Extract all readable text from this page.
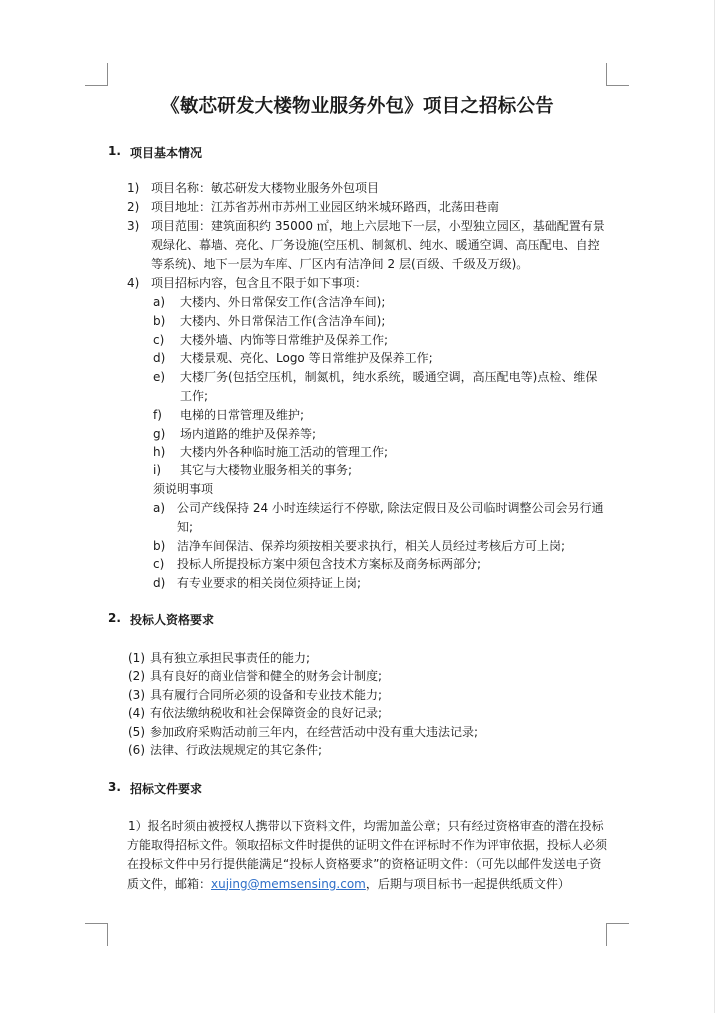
《敏芯研发大楼物业服务外包》项目之招标公告
1. 项目基本情况
1) 项目名称：敏芯研发大楼物业服务外包项目
2) 项目地址：江苏省苏州市苏州工业园区纳米城环路西，北荡田巷南
3) 项目范围：建筑面积约 35000 ㎡，地上六层地下一层，小型独立园区，基础配置有景观绿化、幕墙、亮化、厂务设施(空压机、制氮机、纯水、暖通空调、高压配电、自控等系统)、地下一层为车库、厂区内有洁净间 2 层(百级、千级及万级)。
4) 项目招标内容，包含且不限于如下事项：
a)	大楼内、外日常保安工作(含洁净车间);
b)	大楼内、外日常保洁工作(含洁净车间);
c)	大楼外墙、内饰等日常维护及保养工作;
d)	大楼景观、亮化、Logo 等日常维护及保养工作;
e)	大楼厂务(包括空压机，制氮机，纯水系统，暖通空调，高压配电等)点检、维保工作;
f)	电梯的日常管理及维护;
g)	场内道路的维护及保养等;
h)	大楼内外各种临时施工活动的管理工作;
i)	其它与大楼物业服务相关的事务;
须说明事项
a) 公司产线保持 24 小时连续运行不停歇, 除法定假日及公司临时调整公司会另行通知;
b) 洁净车间保洁、保养均须按相关要求执行，相关人员经过考核后方可上岗;
c)	投标人所提投标方案中须包含技术方案标及商务标两部分;
d) 有专业要求的相关岗位须持证上岗;
2. 投标人资格要求
(1) 具有独立承担民事责任的能力;
(2) 具有良好的商业信誉和健全的财务会计制度;
(3) 具有履行合同所必须的设备和专业技术能力;
(4) 有依法缴纳税收和社会保障资金的良好记录;
(5) 参加政府采购活动前三年内，在经营活动中没有重大违法记录;
(6) 法律、行政法规规定的其它条件;
3. 招标文件要求
1）报名时须由被授权人携带以下资料文件，均需加盖公章；只有经过资格审查的潜在投标方能取得招标文件。领取招标文件时提供的证明文件在评标时不作为评审依据，投标人必须在投标文件中另行提供能满足“投标人资格要求”的资格证明文件：（可先以邮件发送电子资质文件，邮箱：xujing@memsensing.com，后期与项目标书一起提供纸质文件）
